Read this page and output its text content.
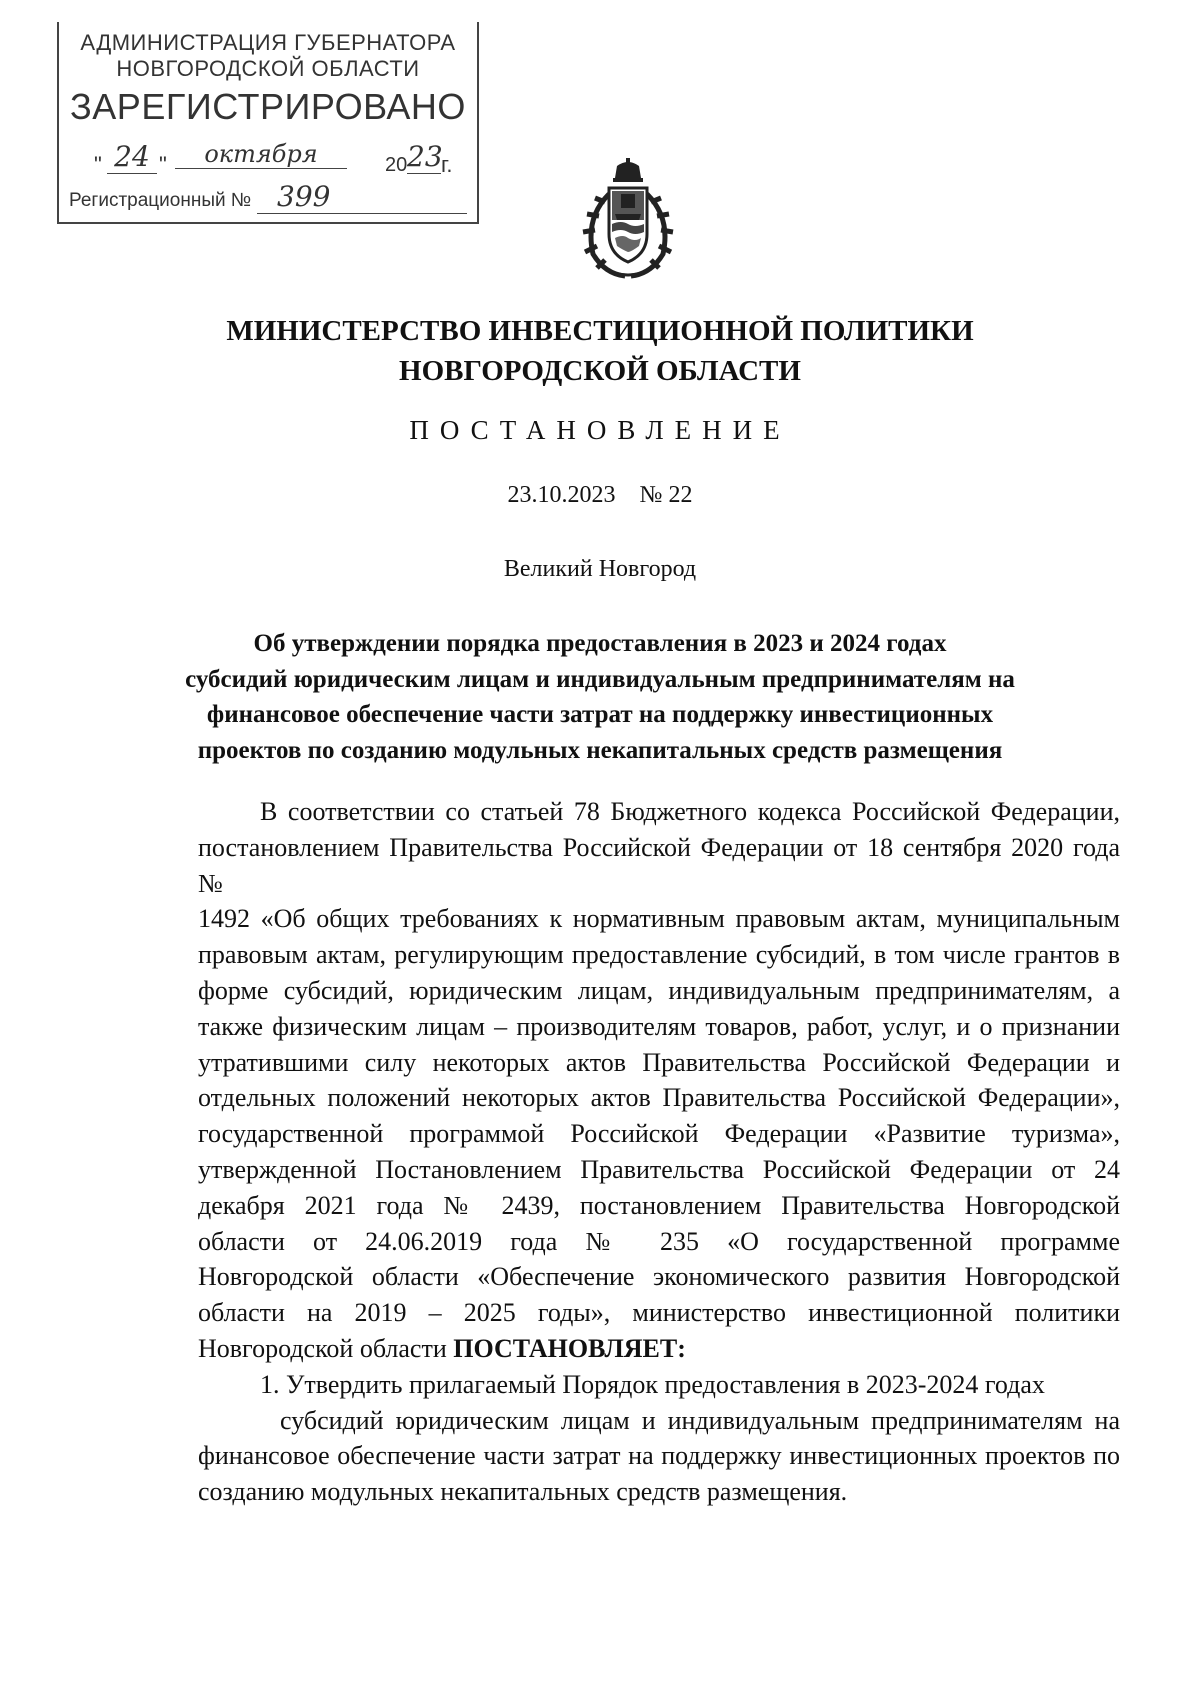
АДМИНИСТРАЦИЯ ГУБЕРНАТОРА
НОВГОРОДСКОЙ ОБЛАСТИ
ЗАРЕГИСТРИРОВАНО
" 24 "	октября	20 23
г.
Регистрационный № 399
МИНИСТЕРСТВО ИНВЕСТИЦИОННОЙ ПОЛИТИКИ
НОВГОРОДСКОЙ ОБЛАСТИ
ПОСТАНОВЛЕНИЕ
23.10.2023 № 22
Великий Новгород
Об утверждении порядка предоставления в 2023 и 2024 годах
субсидий юридическим лицам и индивидуальным предпринимателям на
финансовое обеспечение части затрат на поддержку инвестиционных
проектов по созданию модульных некапитальных средств размещения
В соответствии со статьей 78 Бюджетного кодекса Российской Федерации,
постановлением Правительства Российской Федерации от 18 сентября 2020 года №
1492 «Об общих требованиях к нормативным правовым актам, муниципальным
правовым актам, регулирующим предоставление субсидий, в том числе грантов в
форме субсидий, юридическим лицам, индивидуальным предпринимателям, а
также физическим лицам – производителям товаров, работ, услуг, и о признании
утратившими силу некоторых актов Правительства Российской Федерации и
отдельных положений некоторых актов Правительства Российской Федерации»,
государственной программой Российской Федерации «Развитие туризма»,
утвержденной Постановлением Правительства Российской Федерации от 24
декабря 2021 года № 2439, постановлением Правительства Новгородской
области от 24.06.2019 года № 235 «О государственной программе
Новгородской области «Обеспечение экономического развития Новгородской
области на 2019 – 2025 годы», министерство инвестиционной политики
Новгородской области ПОСТАНОВЛЯЕТ:
1. Утвердить прилагаемый Порядок предоставления в 2023-2024 годах
субсидий юридическим лицам и индивидуальным предпринимателям на
финансовое обеспечение части затрат на поддержку инвестиционных проектов по
созданию модульных некапитальных средств размещения.
